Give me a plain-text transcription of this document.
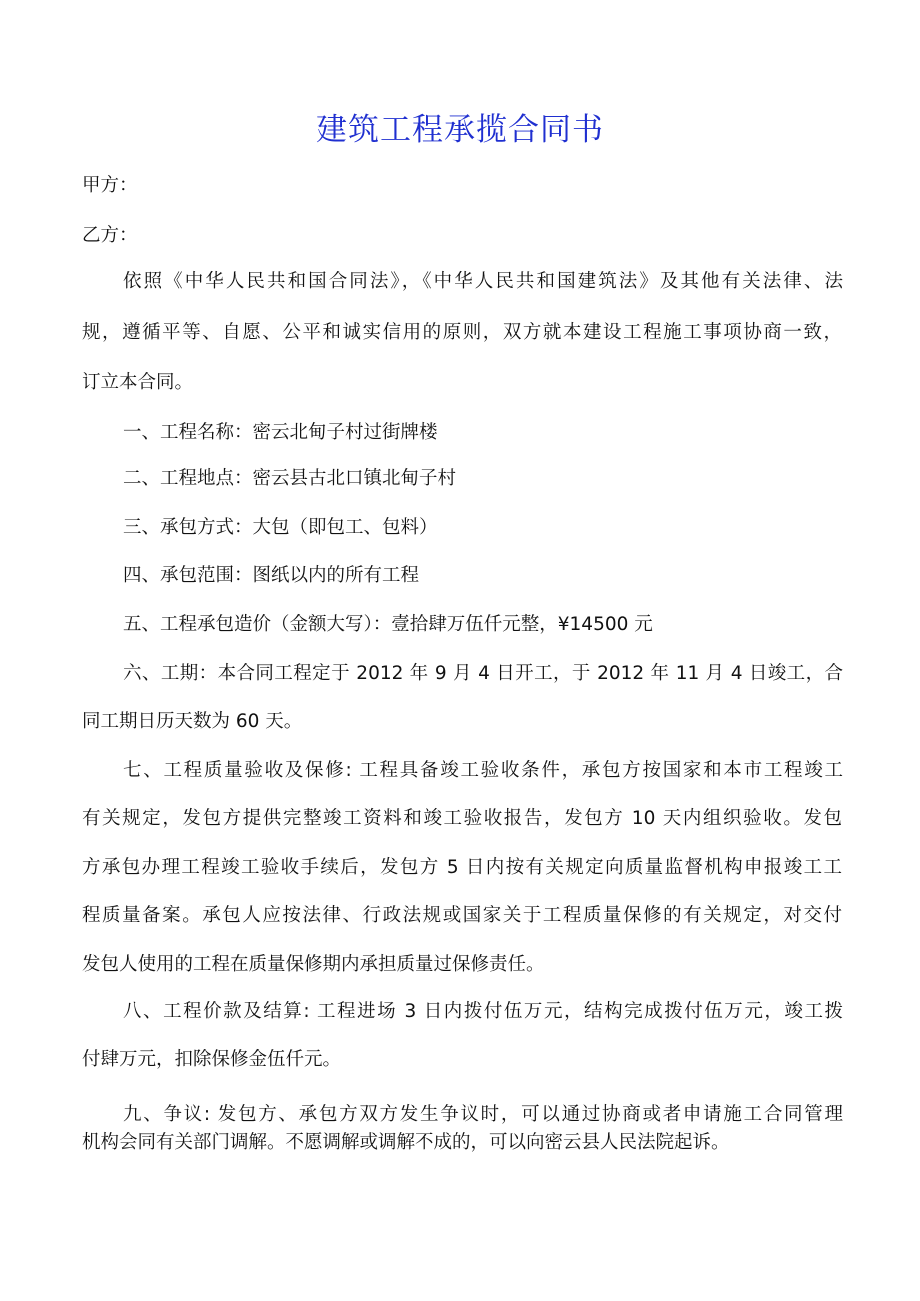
建筑工程承揽合同书
甲方：
乙方：
依照《中华人民共和国合同法》，《中华人民共和国建筑法》及其他有关法律、法
规，遵循平等、自愿、公平和诚实信用的原则，双方就本建设工程施工事项协商一致，
订立本合同。
一、工程名称：密云北甸子村过街牌楼
二、工程地点：密云县古北口镇北甸子村
三、承包方式：大包（即包工、包料）
四、承包范围：图纸以内的所有工程
五、工程承包造价（金额大写）：壹拾肆万伍仟元整，¥14500 元
六、工期：本合同工程定于 2012 年 9 月 4 日开工，于 2012 年 11 月 4 日竣工，合
同工期日历天数为 60 天。
七、工程质量验收及保修: 工程具备竣工验收条件，承包方按国家和本市工程竣工
有关规定，发包方提供完整竣工资料和竣工验收报告，发包方 10 天内组织验收。发包
方承包办理工程竣工验收手续后，发包方 5 日内按有关规定向质量监督机构申报竣工工
程质量备案。承包人应按法律、行政法规或国家关于工程质量保修的有关规定，对交付
发包人使用的工程在质量保修期内承担质量过保修责任。
八、工程价款及结算: 工程进场 3 日内拨付伍万元，结构完成拨付伍万元，竣工拨
付肆万元，扣除保修金伍仟元。
九、争议: 发包方、承包方双方发生争议时，可以通过协商或者申请施工合同管理
机构会同有关部门调解。不愿调解或调解不成的，可以向密云县人民法院起诉。
